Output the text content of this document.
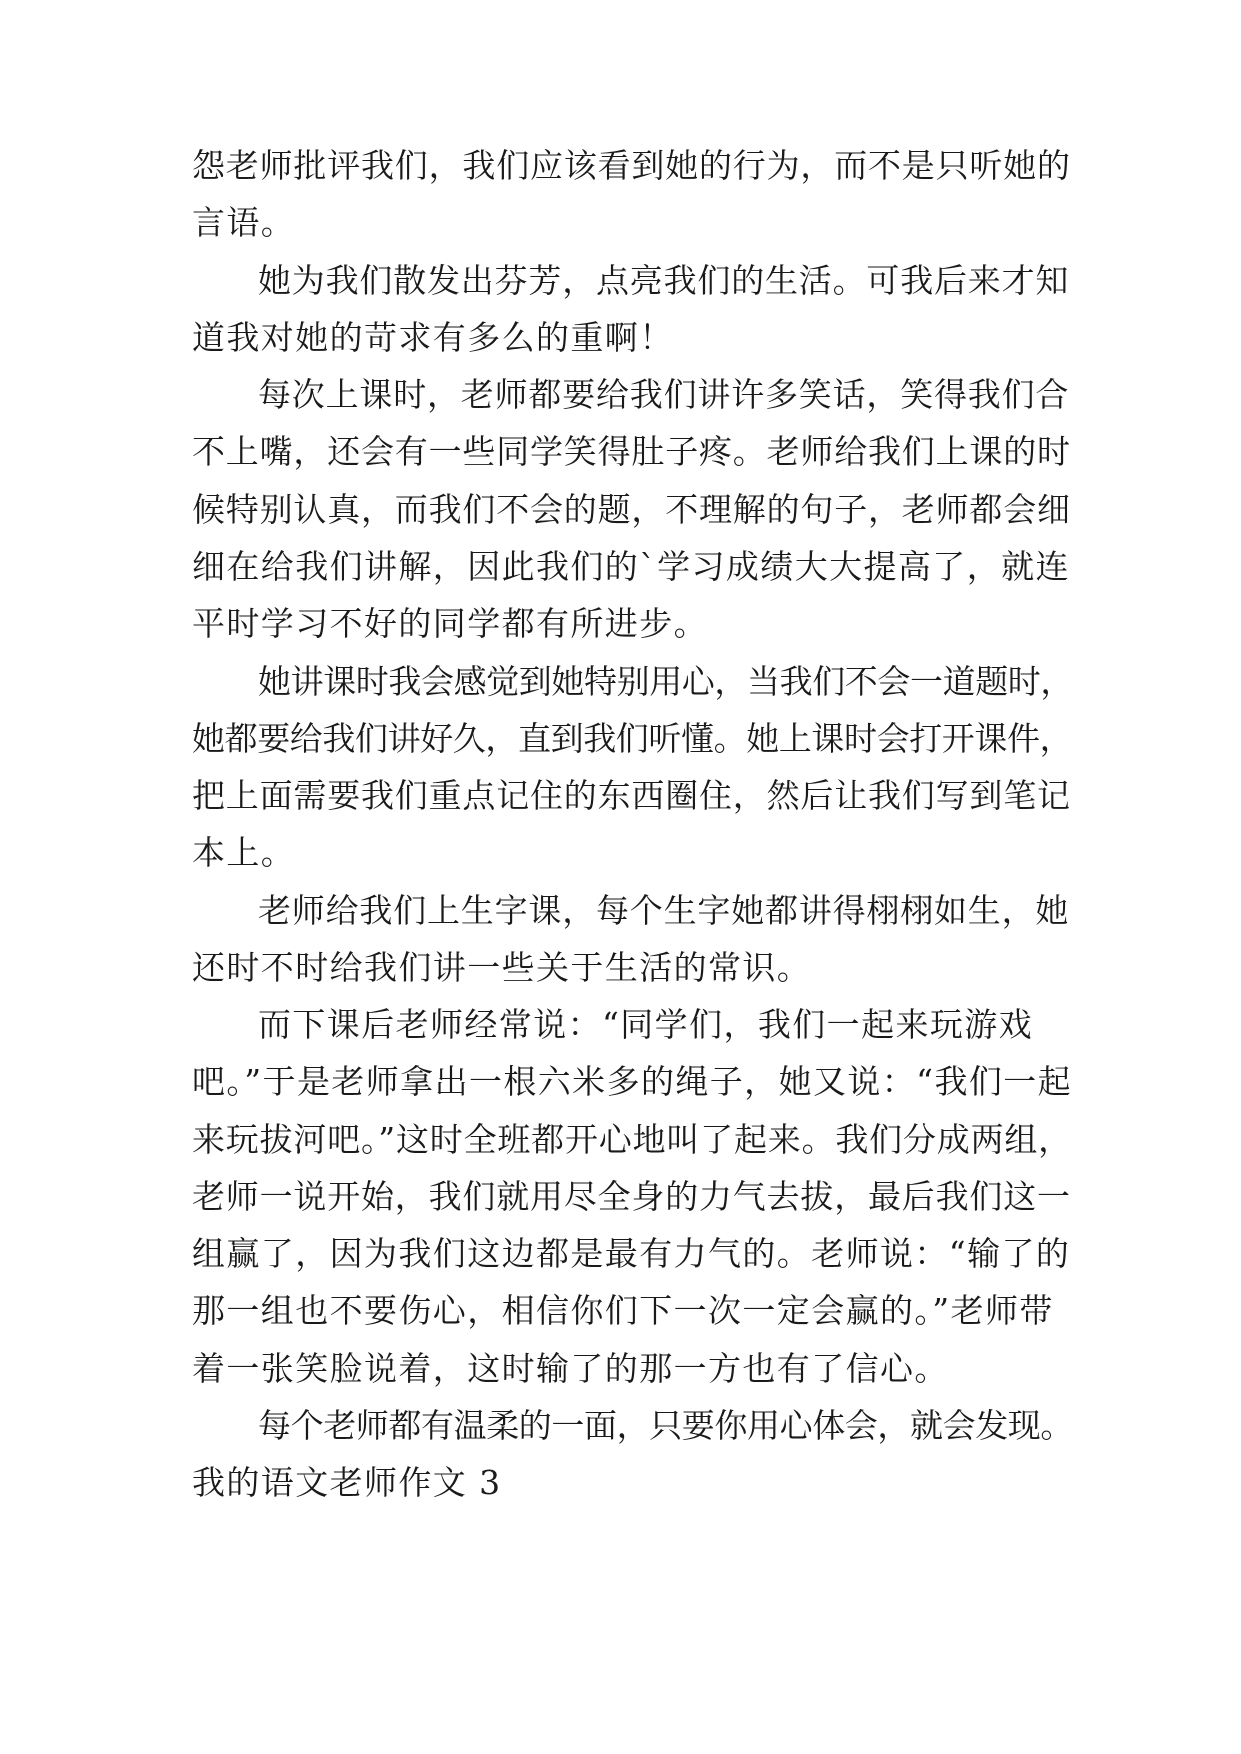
怨老师批评我们，我们应该看到她的行为，而不是只听她的
言语。
她为我们散发出芬芳，点亮我们的生活。可我后来才知
道我对她的苛求有多么的重啊！
每次上课时，老师都要给我们讲许多笑话，笑得我们合
不上嘴，还会有一些同学笑得肚子疼。老师给我们上课的时
候特别认真，而我们不会的题，不理解的句子，老师都会细
细在给我们讲解，因此我们的`学习成绩大大提高了，就连
平时学习不好的同学都有所进步。
她讲课时我会感觉到她特别用心，当我们不会一道题时，
她都要给我们讲好久，直到我们听懂。她上课时会打开课件，
把上面需要我们重点记住的东西圈住，然后让我们写到笔记
本上。
老师给我们上生字课，每个生字她都讲得栩栩如生，她
还时不时给我们讲一些关于生活的常识。
而下课后老师经常说：“同学们，我们一起来玩游戏
吧。”于是老师拿出一根六米多的绳子，她又说：“我们一起
来玩拔河吧。”这时全班都开心地叫了起来。我们分成两组，
老师一说开始，我们就用尽全身的力气去拔，最后我们这一
组赢了，因为我们这边都是最有力气的。老师说：“输了的
那一组也不要伤心，相信你们下一次一定会赢的。”老师带
着一张笑脸说着，这时输了的那一方也有了信心。
每个老师都有温柔的一面，只要你用心体会，就会发现。
我的语文老师作文 3
